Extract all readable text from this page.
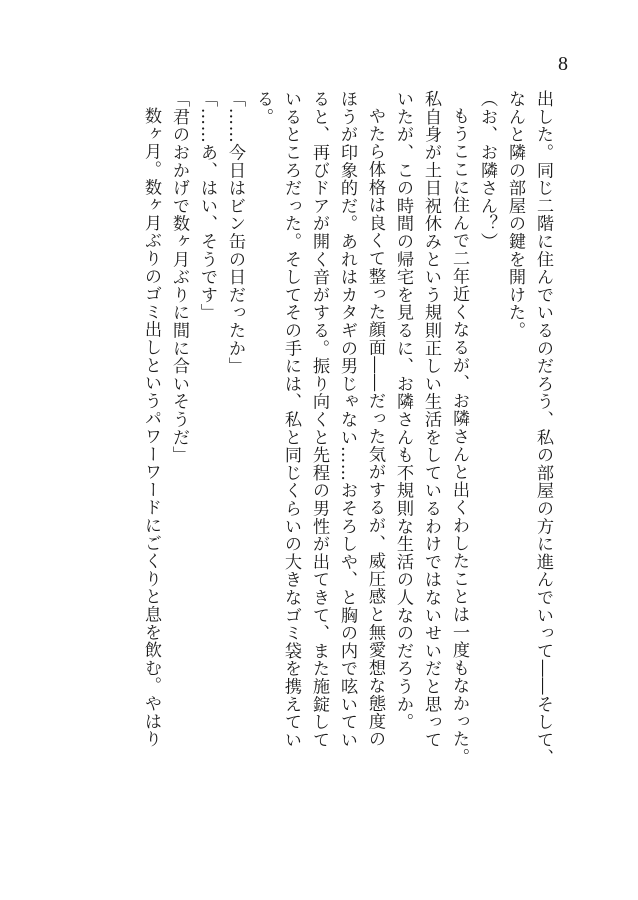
8
出した。同じ二階に住んでいるのだろう、私の部屋の方に進んでいって――そして、
なんと隣の部屋の鍵を開けた。
（お、お隣さん？）
もうここに住んで二年近くなるが、お隣さんと出くわしたことは一度もなかった。
私自身が土日祝休みという規則正しい生活をしているわけではないせいだと思って
いたが、この時間の帰宅を見るに、お隣さんも不規則な生活の人なのだろうか。
やたら体格は良くて整った顔面――だった気がするが、威圧感と無愛想な態度の
ほうが印象的だ。あれはカタギの男じゃない……おそろしや、と胸の内で呟いてい
ると、再びドアが開く音がする。振り向くと先程の男性が出てきて、また施錠して
いるところだった。そしてその手には、私と同じくらいの大きなゴミ袋を携えてい
る。
「……今日はビン缶の日だったか」
「……あ、はい、そうです」
「君のおかげで数ヶ月ぶりに間に合いそうだ」
数ヶ月。数ヶ月ぶりのゴミ出しというパワーワードにごくりと息を飲む。やはり
